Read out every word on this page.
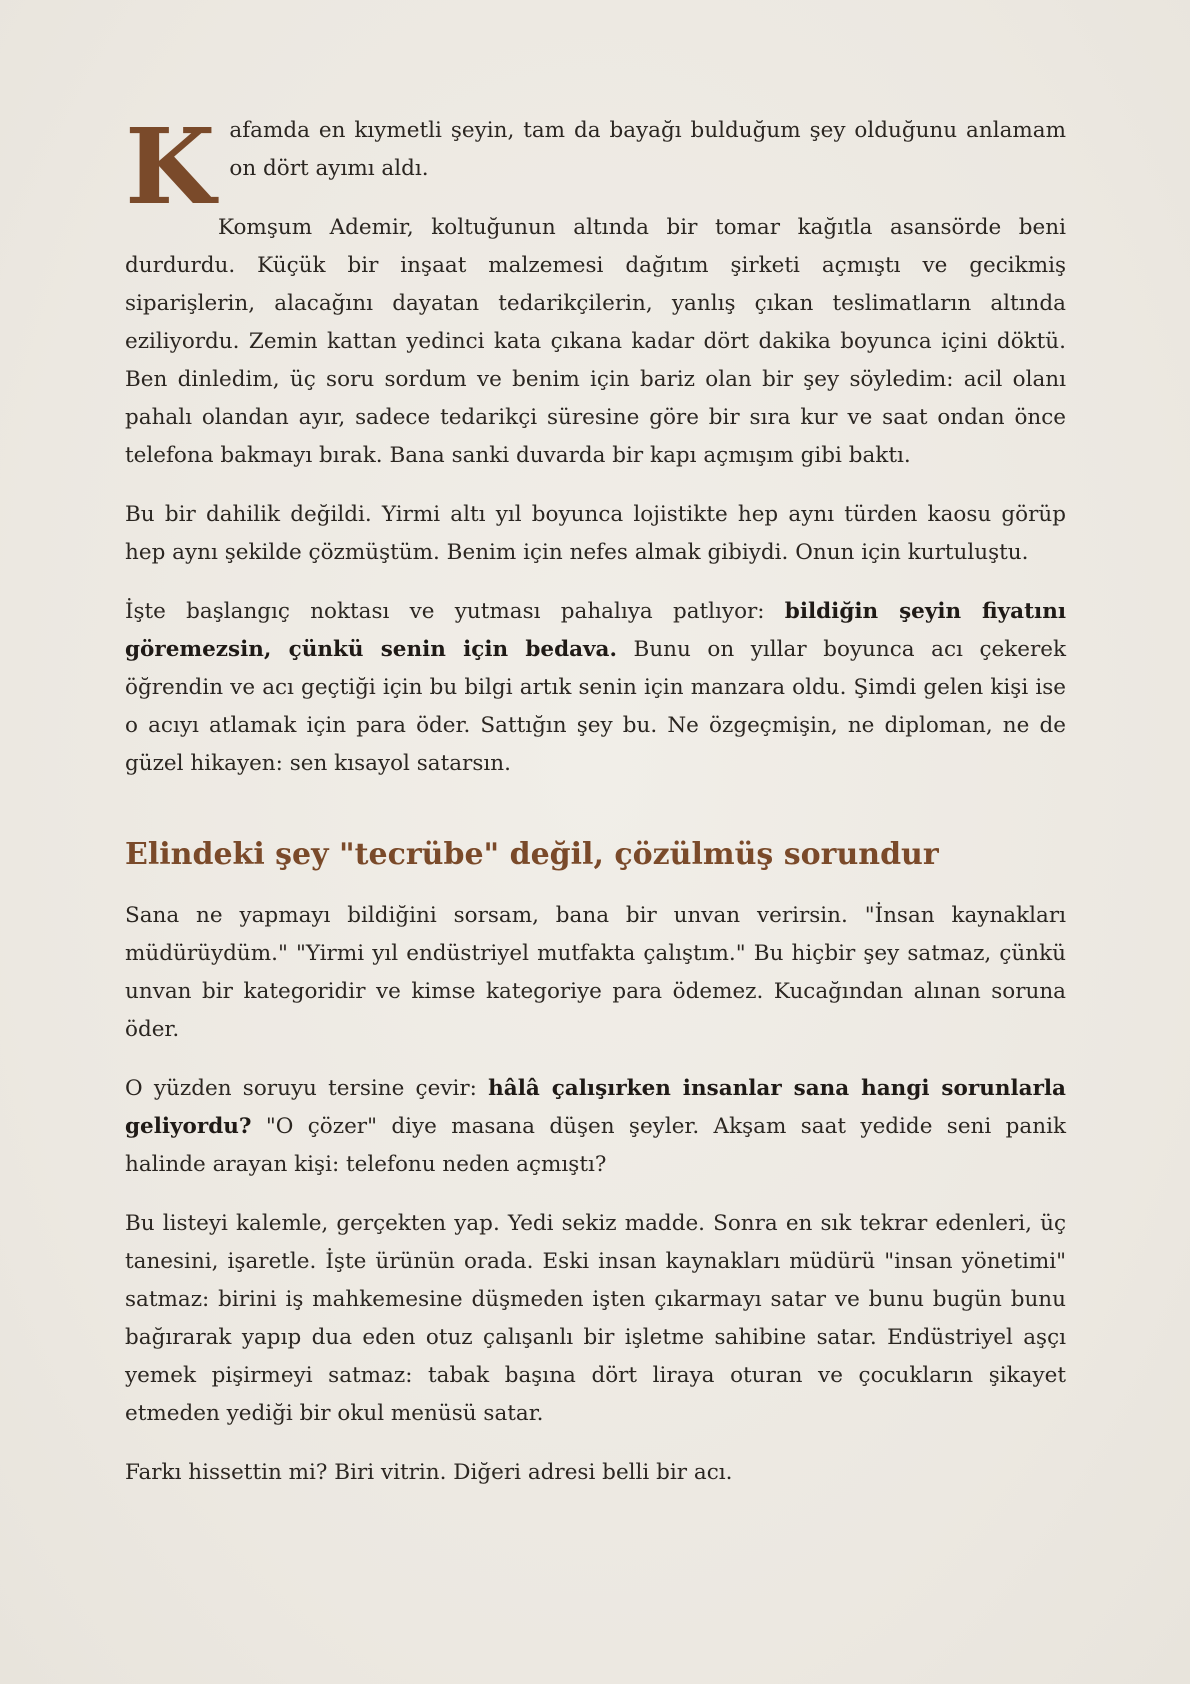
Kafamda en kıymetli şeyin, tam da bayağı bulduğum şey olduğunu anlamam on dört ayımı aldı.

Komşum Ademir, koltuğunun altında bir tomar kağıtla asansörde beni durdurdu. Küçük bir inşaat malzemesi dağıtım şirketi açmıştı ve gecikmiş siparişlerin, alacağını dayatan tedarikçilerin, yanlış çıkan teslimatların altında eziliyordu. Zemin kattan yedinci kata çıkana kadar dört dakika boyunca içini döktü. Ben dinledim, üç soru sordum ve benim için bariz olan bir şey söyledim: acil olanı pahalı olandan ayır, sadece tedarikçi süresine göre bir sıra kur ve saat ondan önce telefona bakmayı bırak. Bana sanki duvarda bir kapı açmışım gibi baktı.

Bu bir dahilik değildi. Yirmi altı yıl boyunca lojistikte hep aynı türden kaosu görüp hep aynı şekilde çözmüştüm. Benim için nefes almak gibiydi. Onun için kurtuluştu.

İşte başlangıç noktası ve yutması pahalıya patlıyor: bildiğin şeyin fiyatını göremezsin, çünkü senin için bedava. Bunu on yıllar boyunca acı çekerek öğrendin ve acı geçtiği için bu bilgi artık senin için manzara oldu. Şimdi gelen kişi ise o acıyı atlamak için para öder. Sattığın şey bu. Ne özgeçmişin, ne diploman, ne de güzel hikayen: sen kısayol satarsın.

Elindeki şey "tecrübe" değil, çözülmüş sorundur

Sana ne yapmayı bildiğini sorsam, bana bir unvan verirsin. "İnsan kaynakları müdürüydüm." "Yirmi yıl endüstriyel mutfakta çalıştım." Bu hiçbir şey satmaz, çünkü unvan bir kategoridir ve kimse kategoriye para ödemez. Kucağından alınan soruna öder.

O yüzden soruyu tersine çevir: hâlâ çalışırken insanlar sana hangi sorunlarla geliyordu? "O çözer" diye masana düşen şeyler. Akşam saat yedide seni panik halinde arayan kişi: telefonu neden açmıştı?

Bu listeyi kalemle, gerçekten yap. Yedi sekiz madde. Sonra en sık tekrar edenleri, üç tanesini, işaretle. İşte ürünün orada. Eski insan kaynakları müdürü "insan yönetimi" satmaz: birini iş mahkemesine düşmeden işten çıkarmayı satar ve bunu bugün bunu bağırarak yapıp dua eden otuz çalışanlı bir işletme sahibine satar. Endüstriyel aşçı yemek pişirmeyi satmaz: tabak başına dört liraya oturan ve çocukların şikayet etmeden yediği bir okul menüsü satar.

Farkı hissettin mi? Biri vitrin. Diğeri adresi belli bir acı.
